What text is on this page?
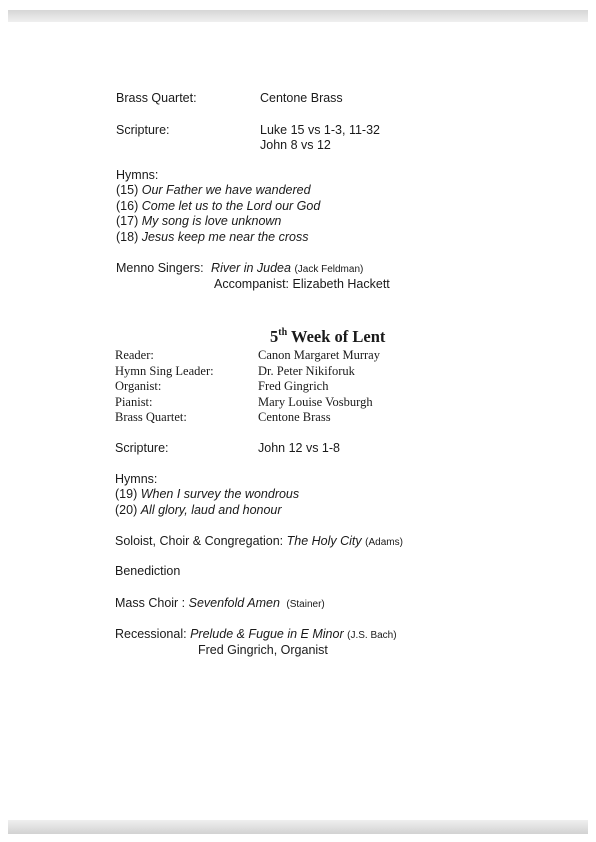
Brass Quartet:	Centone Brass
Scripture:	Luke 15 vs 1-3, 11-32
John 8 vs 12
Hymns:
(15) Our Father we have wandered
(16) Come let us to the Lord our God
(17) My song is love unknown
(18) Jesus keep me near the cross
Menno Singers: River in Judea (Jack Feldman)
Accompanist: Elizabeth Hackett
5th Week of Lent
Reader:	Canon Margaret Murray
Hymn Sing Leader:	Dr. Peter Nikiforuk
Organist:	Fred Gingrich
Pianist:	Mary Louise Vosburgh
Brass Quartet:	Centone Brass
Scripture:	John 12 vs 1-8
Hymns:
(19) When I survey the wondrous
(20) All glory, laud and honour
Soloist, Choir & Congregation: The Holy City (Adams)
Benediction
Mass Choir : Sevenfold Amen (Stainer)
Recessional: Prelude & Fugue in E Minor (J.S. Bach)
Fred Gingrich, Organist
